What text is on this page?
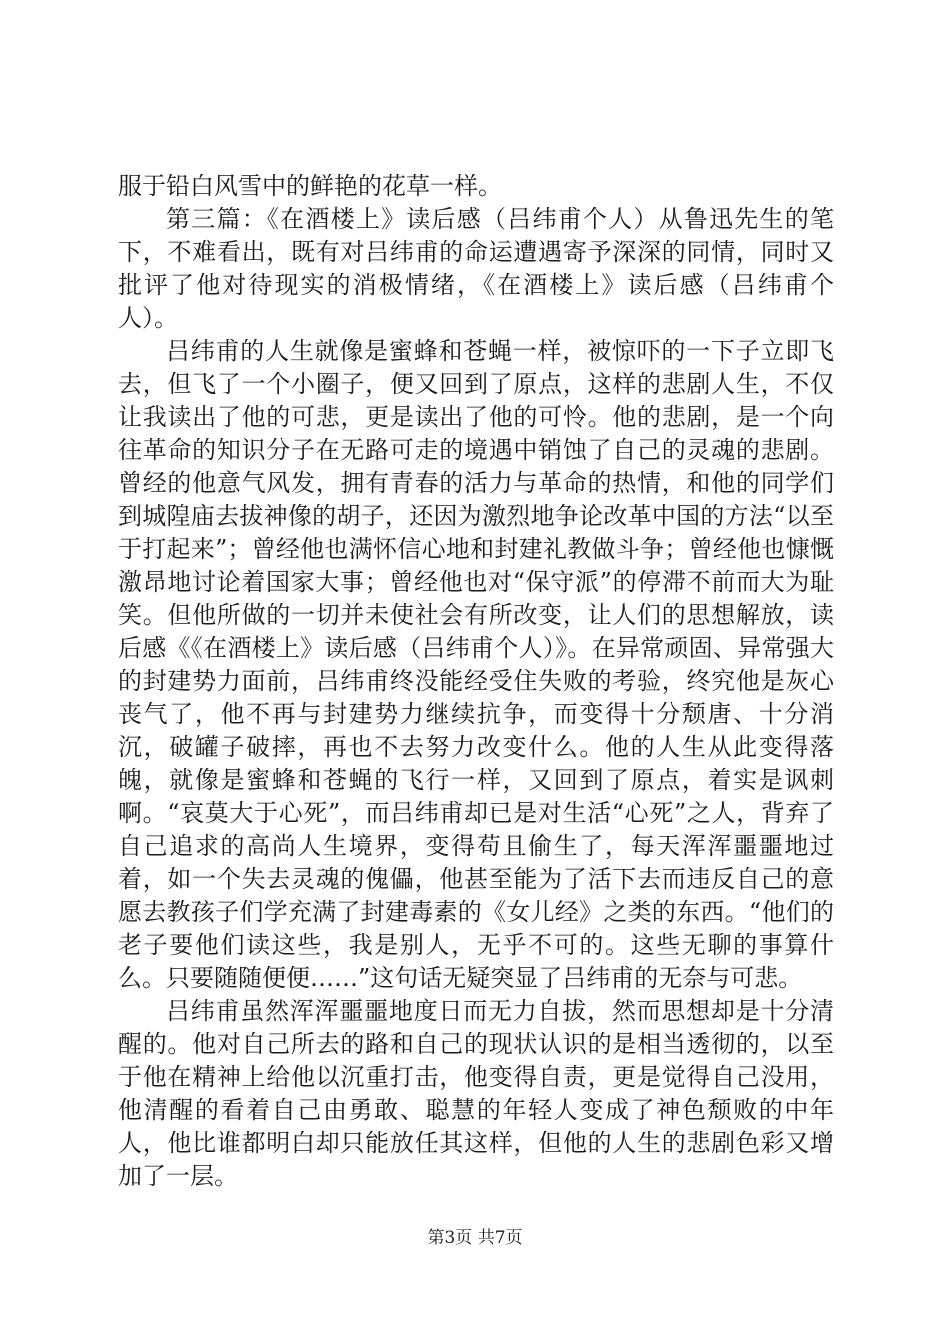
服于铅白风雪中的鲜艳的花草一样。

第三篇：《在酒楼上》读后感（吕纬甫个人）从鲁迅先生的笔下，不难看出，既有对吕纬甫的命运遭遇寄予深深的同情，同时又批评了他对待现实的消极情绪，《在酒楼上》读后感（吕纬甫个人）。

吕纬甫的人生就像是蜜蜂和苍蝇一样，被惊吓的一下子立即飞去，但飞了一个小圈子，便又回到了原点，这样的悲剧人生，不仅让我读出了他的可悲，更是读出了他的可怜。他的悲剧，是一个向往革命的知识分子在无路可走的境遇中销蚀了自己的灵魂的悲剧。曾经的他意气风发，拥有青春的活力与革命的热情，和他的同学们到城隍庙去拔神像的胡子，还因为激烈地争论改革中国的方法“以至于打起来”；曾经他也满怀信心地和封建礼教做斗争；曾经他也慷慨激昂地讨论着国家大事；曾经他也对“保守派”的停滞不前而大为耻笑。但他所做的一切并未使社会有所改变，让人们的思想解放，读后感《《在酒楼上》读后感（吕纬甫个人）》。在异常顽固、异常强大的封建势力面前，吕纬甫终没能经受住失败的考验，终究他是灰心丧气了，他不再与封建势力继续抗争，而变得十分颓唐、十分消沉，破罐子破摔，再也不去努力改变什么。他的人生从此变得落魄，就像是蜜蜂和苍蝇的飞行一样，又回到了原点，着实是讽刺啊。“哀莫大于心死”，而吕纬甫却已是对生活“心死”之人，背弃了自己追求的高尚人生境界，变得苟且偷生了，每天浑浑噩噩地过着，如一个失去灵魂的傀儡，他甚至能为了活下去而违反自己的意愿去教孩子们学充满了封建毒素的《女儿经》之类的东西。“他们的老子要他们读这些，我是别人，无乎不可的。这些无聊的事算什么。只要随随便便……”这句话无疑突显了吕纬甫的无奈与可悲。

吕纬甫虽然浑浑噩噩地度日而无力自拔，然而思想却是十分清醒的。他对自己所去的路和自己的现状认识的是相当透彻的，以至于他在精神上给他以沉重打击，他变得自责，更是觉得自己没用，他清醒的看着自己由勇敢、聪慧的年轻人变成了神色颓败的中年人，他比谁都明白却只能放任其这样，但他的人生的悲剧色彩又增加了一层。

第3页 共7页
